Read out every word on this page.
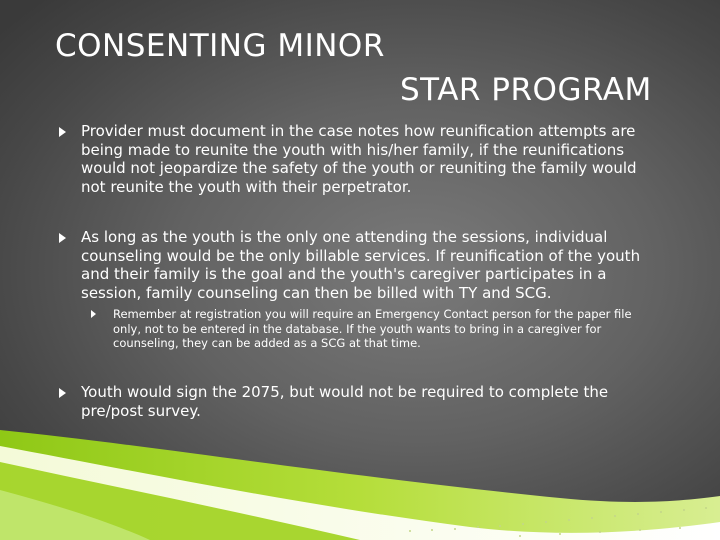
CONSENTING MINOR
STAR PROGRAM
Provider must document in the case notes how reunification attempts are being made to reunite the youth with his/her family, if the reunifications would not jeopardize the safety of the youth or reuniting the family would not reunite the youth with their perpetrator.
As long as the youth is the only one attending the sessions, individual counseling would be the only billable services. If reunification of the youth and their family is the goal and the youth's caregiver participates in a session, family counseling can then be billed with TY and SCG.
Remember at registration you will require an Emergency Contact person for the paper file only, not to be entered in the database. If the youth wants to bring in a caregiver for counseling, they can be added as a SCG at that time.
Youth would sign the 2075, but would not be required to complete the pre/post survey.
